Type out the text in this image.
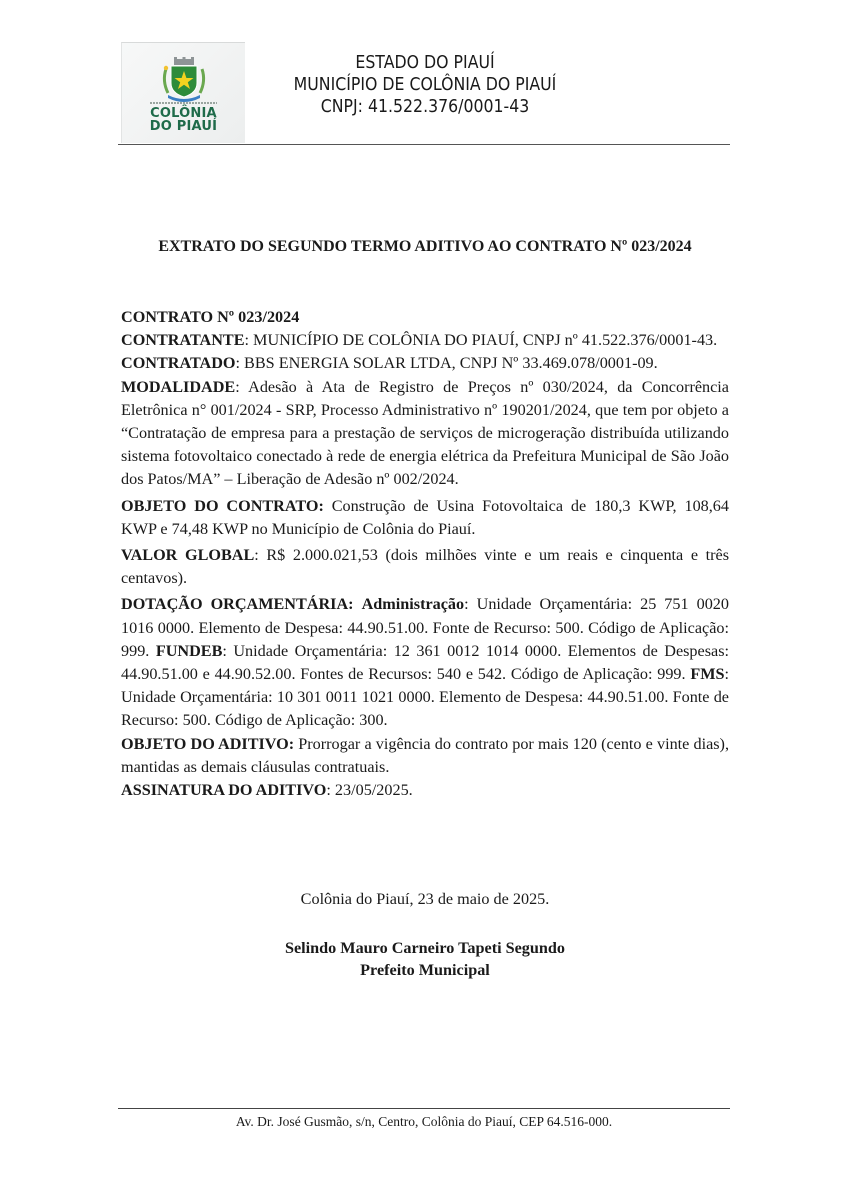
COLÔNIA
DO PIAUÍ
ESTADO DO PIAUÍ
MUNICÍPIO DE COLÔNIA DO PIAUÍ
CNPJ: 41.522.376/0001-43
EXTRATO DO SEGUNDO TERMO ADITIVO AO CONTRATO Nº 023/2024

CONTRATO Nº 023/2024

CONTRATANTE: MUNICÍPIO DE COLÔNIA DO PIAUÍ, CNPJ nº 41.522.376/0001-43.

CONTRATADO: BBS ENERGIA SOLAR LTDA, CNPJ Nº 33.469.078/0001-09.

MODALIDADE: Adesão à Ata de Registro de Preços nº 030/2024, da Concorrência Eletrônica n° 001/2024 - SRP, Processo Administrativo nº 190201/2024, que tem por objeto a “Contratação de empresa para a prestação de serviços de microgeração distribuída utilizando sistema fotovoltaico conectado à rede de energia elétrica da Prefeitura Municipal de São João dos Patos/MA” – Liberação de Adesão nº 002/2024.

OBJETO DO CONTRATO: Construção de Usina Fotovoltaica de 180,3 KWP, 108,64 KWP e 74,48 KWP no Município de Colônia do Piauí.

VALOR GLOBAL: R$ 2.000.021,53 (dois milhões vinte e um reais e cinquenta e três centavos).

DOTAÇÃO ORÇAMENTÁRIA: Administração: Unidade Orçamentária: 25 751 0020 1016 0000. Elemento de Despesa: 44.90.51.00. Fonte de Recurso: 500. Código de Aplicação: 999. FUNDEB: Unidade Orçamentária: 12 361 0012 1014 0000. Elementos de Despesas: 44.90.51.00 e 44.90.52.00. Fontes de Recursos: 540 e 542. Código de Aplicação: 999. FMS: Unidade Orçamentária: 10 301 0011 1021 0000. Elemento de Despesa: 44.90.51.00. Fonte de Recurso: 500. Código de Aplicação: 300.

OBJETO DO ADITIVO: Prorrogar a vigência do contrato por mais 120 (cento e vinte dias), mantidas as demais cláusulas contratuais.

ASSINATURA DO ADITIVO: 23/05/2025.

Colônia do Piauí, 23 de maio de 2025.
Selindo Mauro Carneiro Tapeti Segundo
Prefeito Municipal
Av. Dr. José Gusmão, s/n, Centro, Colônia do Piauí, CEP 64.516-000.
